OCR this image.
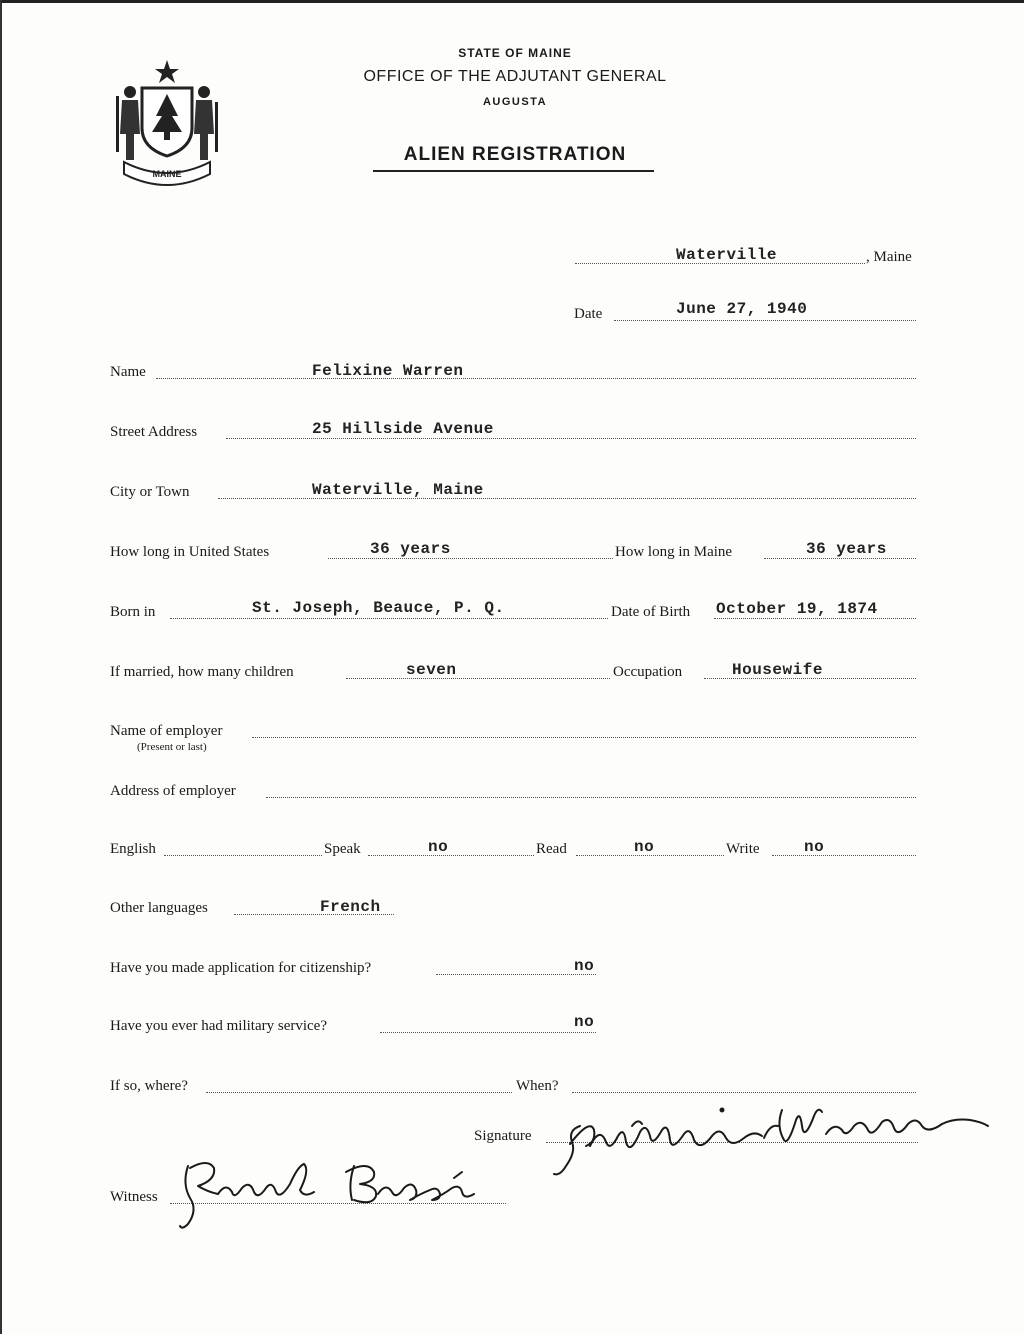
MAINE
STATE OF MAINE
OFFICE OF THE ADJUTANT GENERAL
AUGUSTA
ALIEN REGISTRATION
Waterville	, Maine
Date	June 27, 1940
Name	Felixine Warren
Street Address	25 Hillside Avenue
City or Town	Waterville, Maine
How long in United States	36 years	How long in Maine	36 years
Born in	St. Joseph, Beauce, P. Q.	Date of Birth October 19, 1874
If married, how many children	seven	Occupation	Housewife
Name of employer
(Present or last)
Address of employer
English	Speak	no	Read	no	Write	no
Other languages	French
Have you made application for citizenship?	no
Have you ever had military service?	no
If so, where?	When?
Signature
Witness
